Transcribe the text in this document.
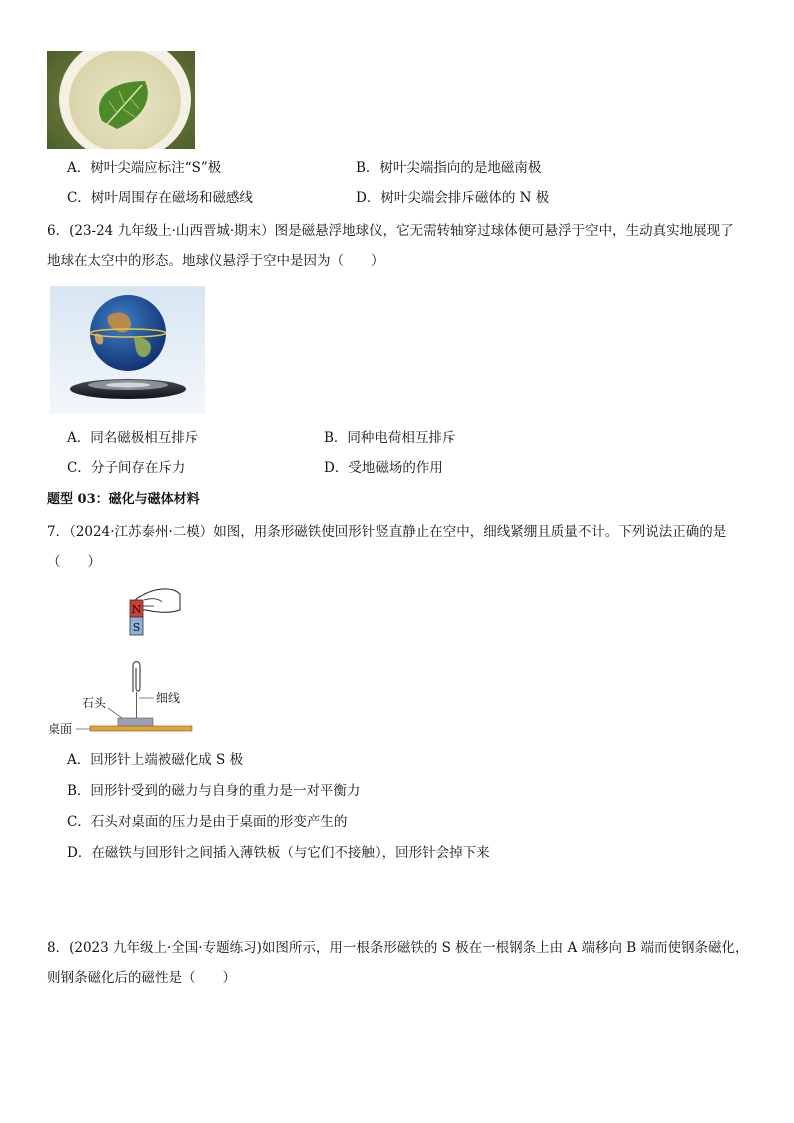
A．树叶尖端应标注“S”极	B．树叶尖端指向的是地磁南极
C．树叶周围存在磁场和磁感线	D．树叶尖端会排斥磁体的 N 极
6．(23-24 九年级上·山西晋城·期末）图是磁悬浮地球仪，它无需转轴穿过球体便可悬浮于空中，生动真实地展现了
地球在太空中的形态。地球仪悬浮于空中是因为（　　）
A．同名磁极相互排斥	B．同种电荷相互排斥
C．分子间存在斥力	D．受地磁场的作用
题型 03：磁化与磁体材料
7．（2024·江苏泰州·二模）如图，用条形磁铁使回形针竖直静止在空中，细线紧绷且质量不计。下列说法正确的是
（　　）
N
S
细线
石头
桌面
A．回形针上端被磁化成 S 极
B．回形针受到的磁力与自身的重力是一对平衡力
C．石头对桌面的压力是由于桌面的形变产生的
D．在磁铁与回形针之间插入薄铁板（与它们不接触），回形针会掉下来
8．(2023 九年级上·全国·专题练习)如图所示，用一根条形磁铁的 S 极在一根钢条上由 A 端移向 B 端而使钢条磁化，
则钢条磁化后的磁性是（　　）
